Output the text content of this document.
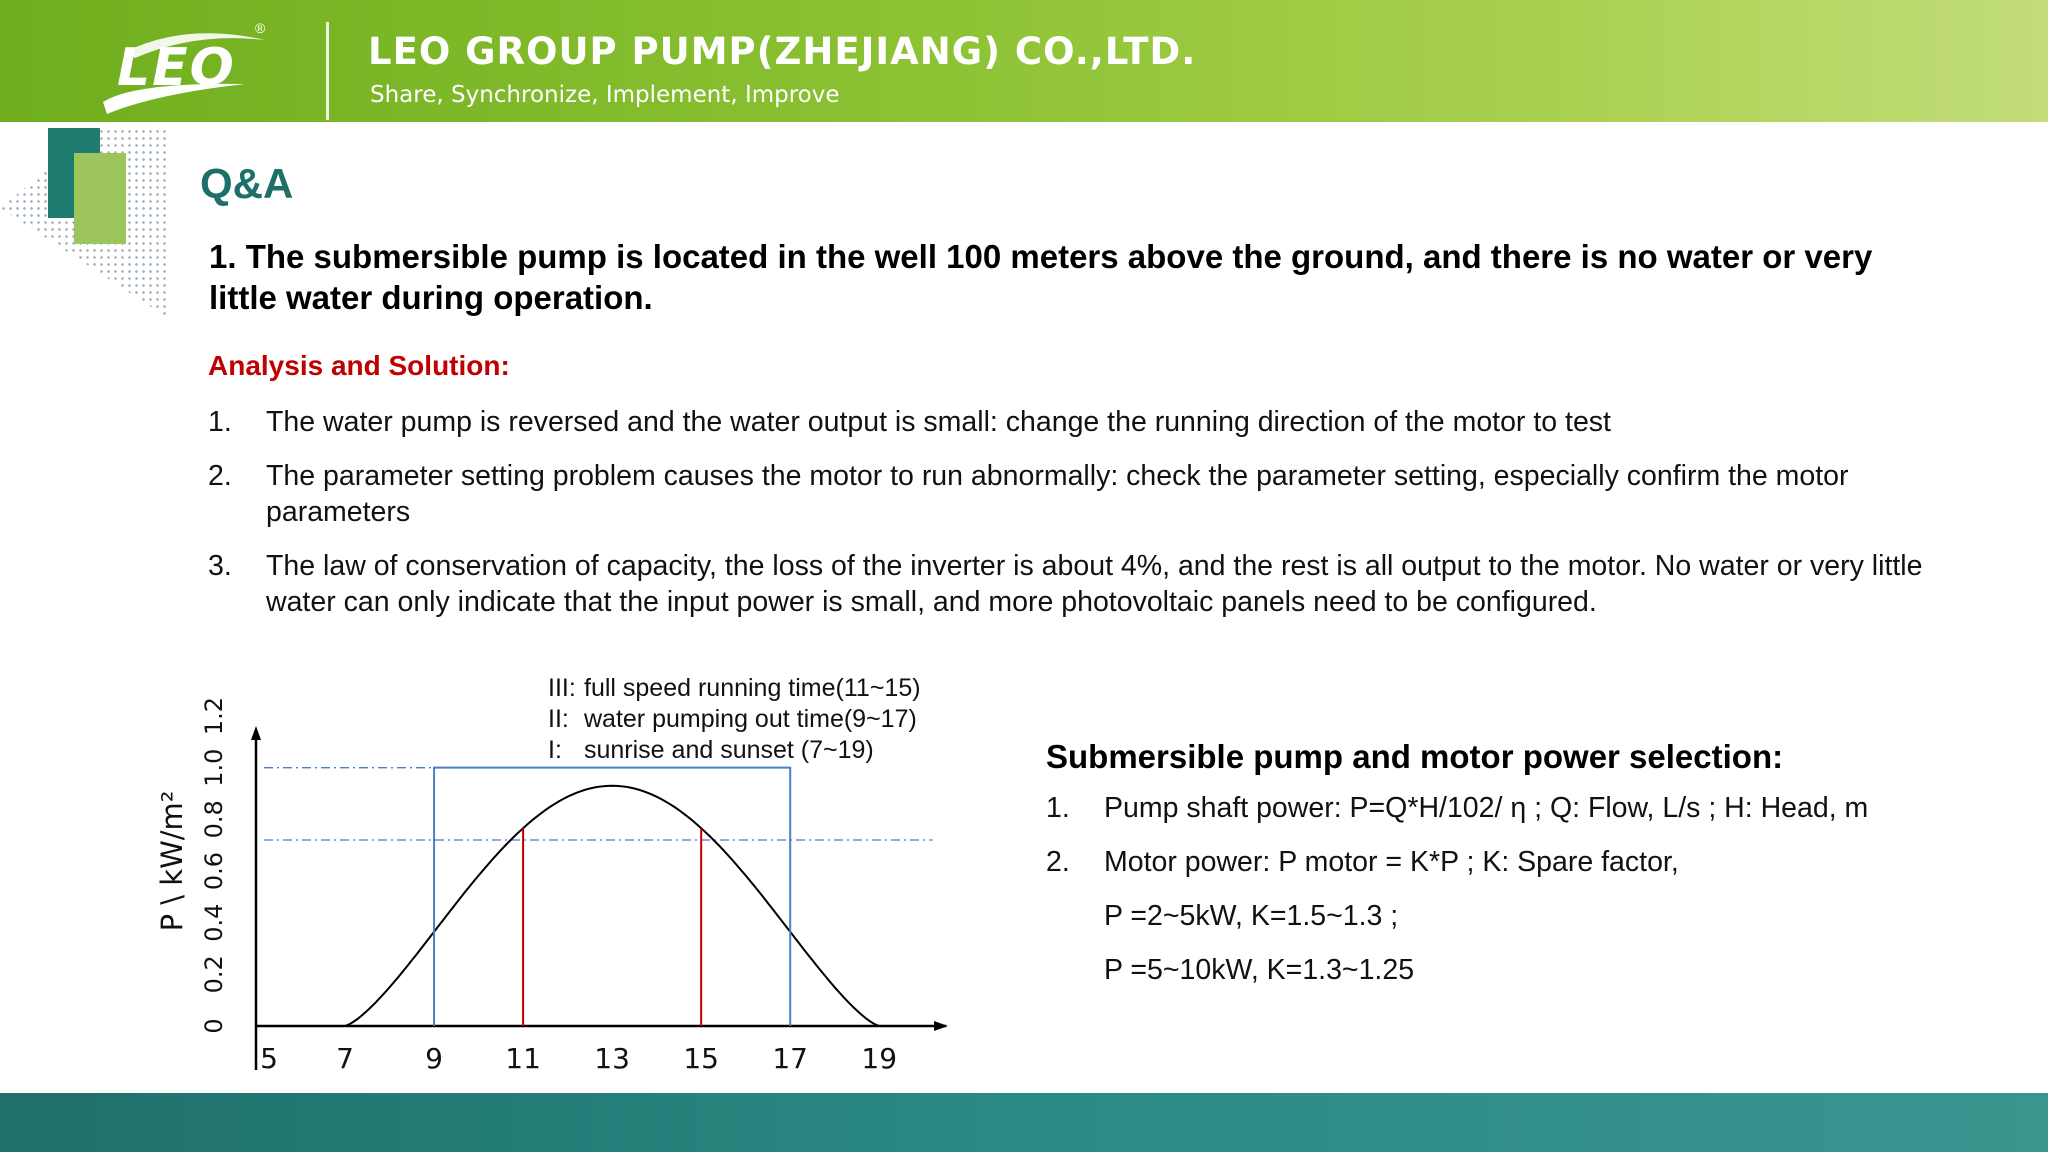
LEO
®
LEO GROUP PUMP(ZHEJIANG) CO.,LTD.
Share, Synchronize, Implement, Improve
Q&A
1. The submersible pump is located in the well 100 meters above the ground, and there is no water or very little water during operation.
Analysis and Solution:
1. The water pump is reversed and the water output is small: change the running direction of the motor to test
2. The parameter setting problem causes the motor to run abnormally: check the parameter setting, especially confirm the motor parameters
3. The law of conservation of capacity, the loss of the inverter is about 4%, and the rest is all output to the motor. No water or very little water can only indicate that the input power is small, and more photovoltaic panels need to be configured.
III: full speed running time(11~15)
II: water pumping out time(9~17)
I: sunrise and sunset (7~19)
5 7	9 11 13 15 17 19
0
0.2
0.4
0.6
0.8
1.0
1.2
P \ kW/m²
Submersible pump and motor power selection:
1. Pump shaft power: P=Q*H/102/ η ; Q: Flow, L/s ; H: Head, m
2. Motor power: P motor = K*P ; K: Spare factor,
P =2~5kW, K=1.5~1.3 ;
P =5~10kW, K=1.3~1.25
